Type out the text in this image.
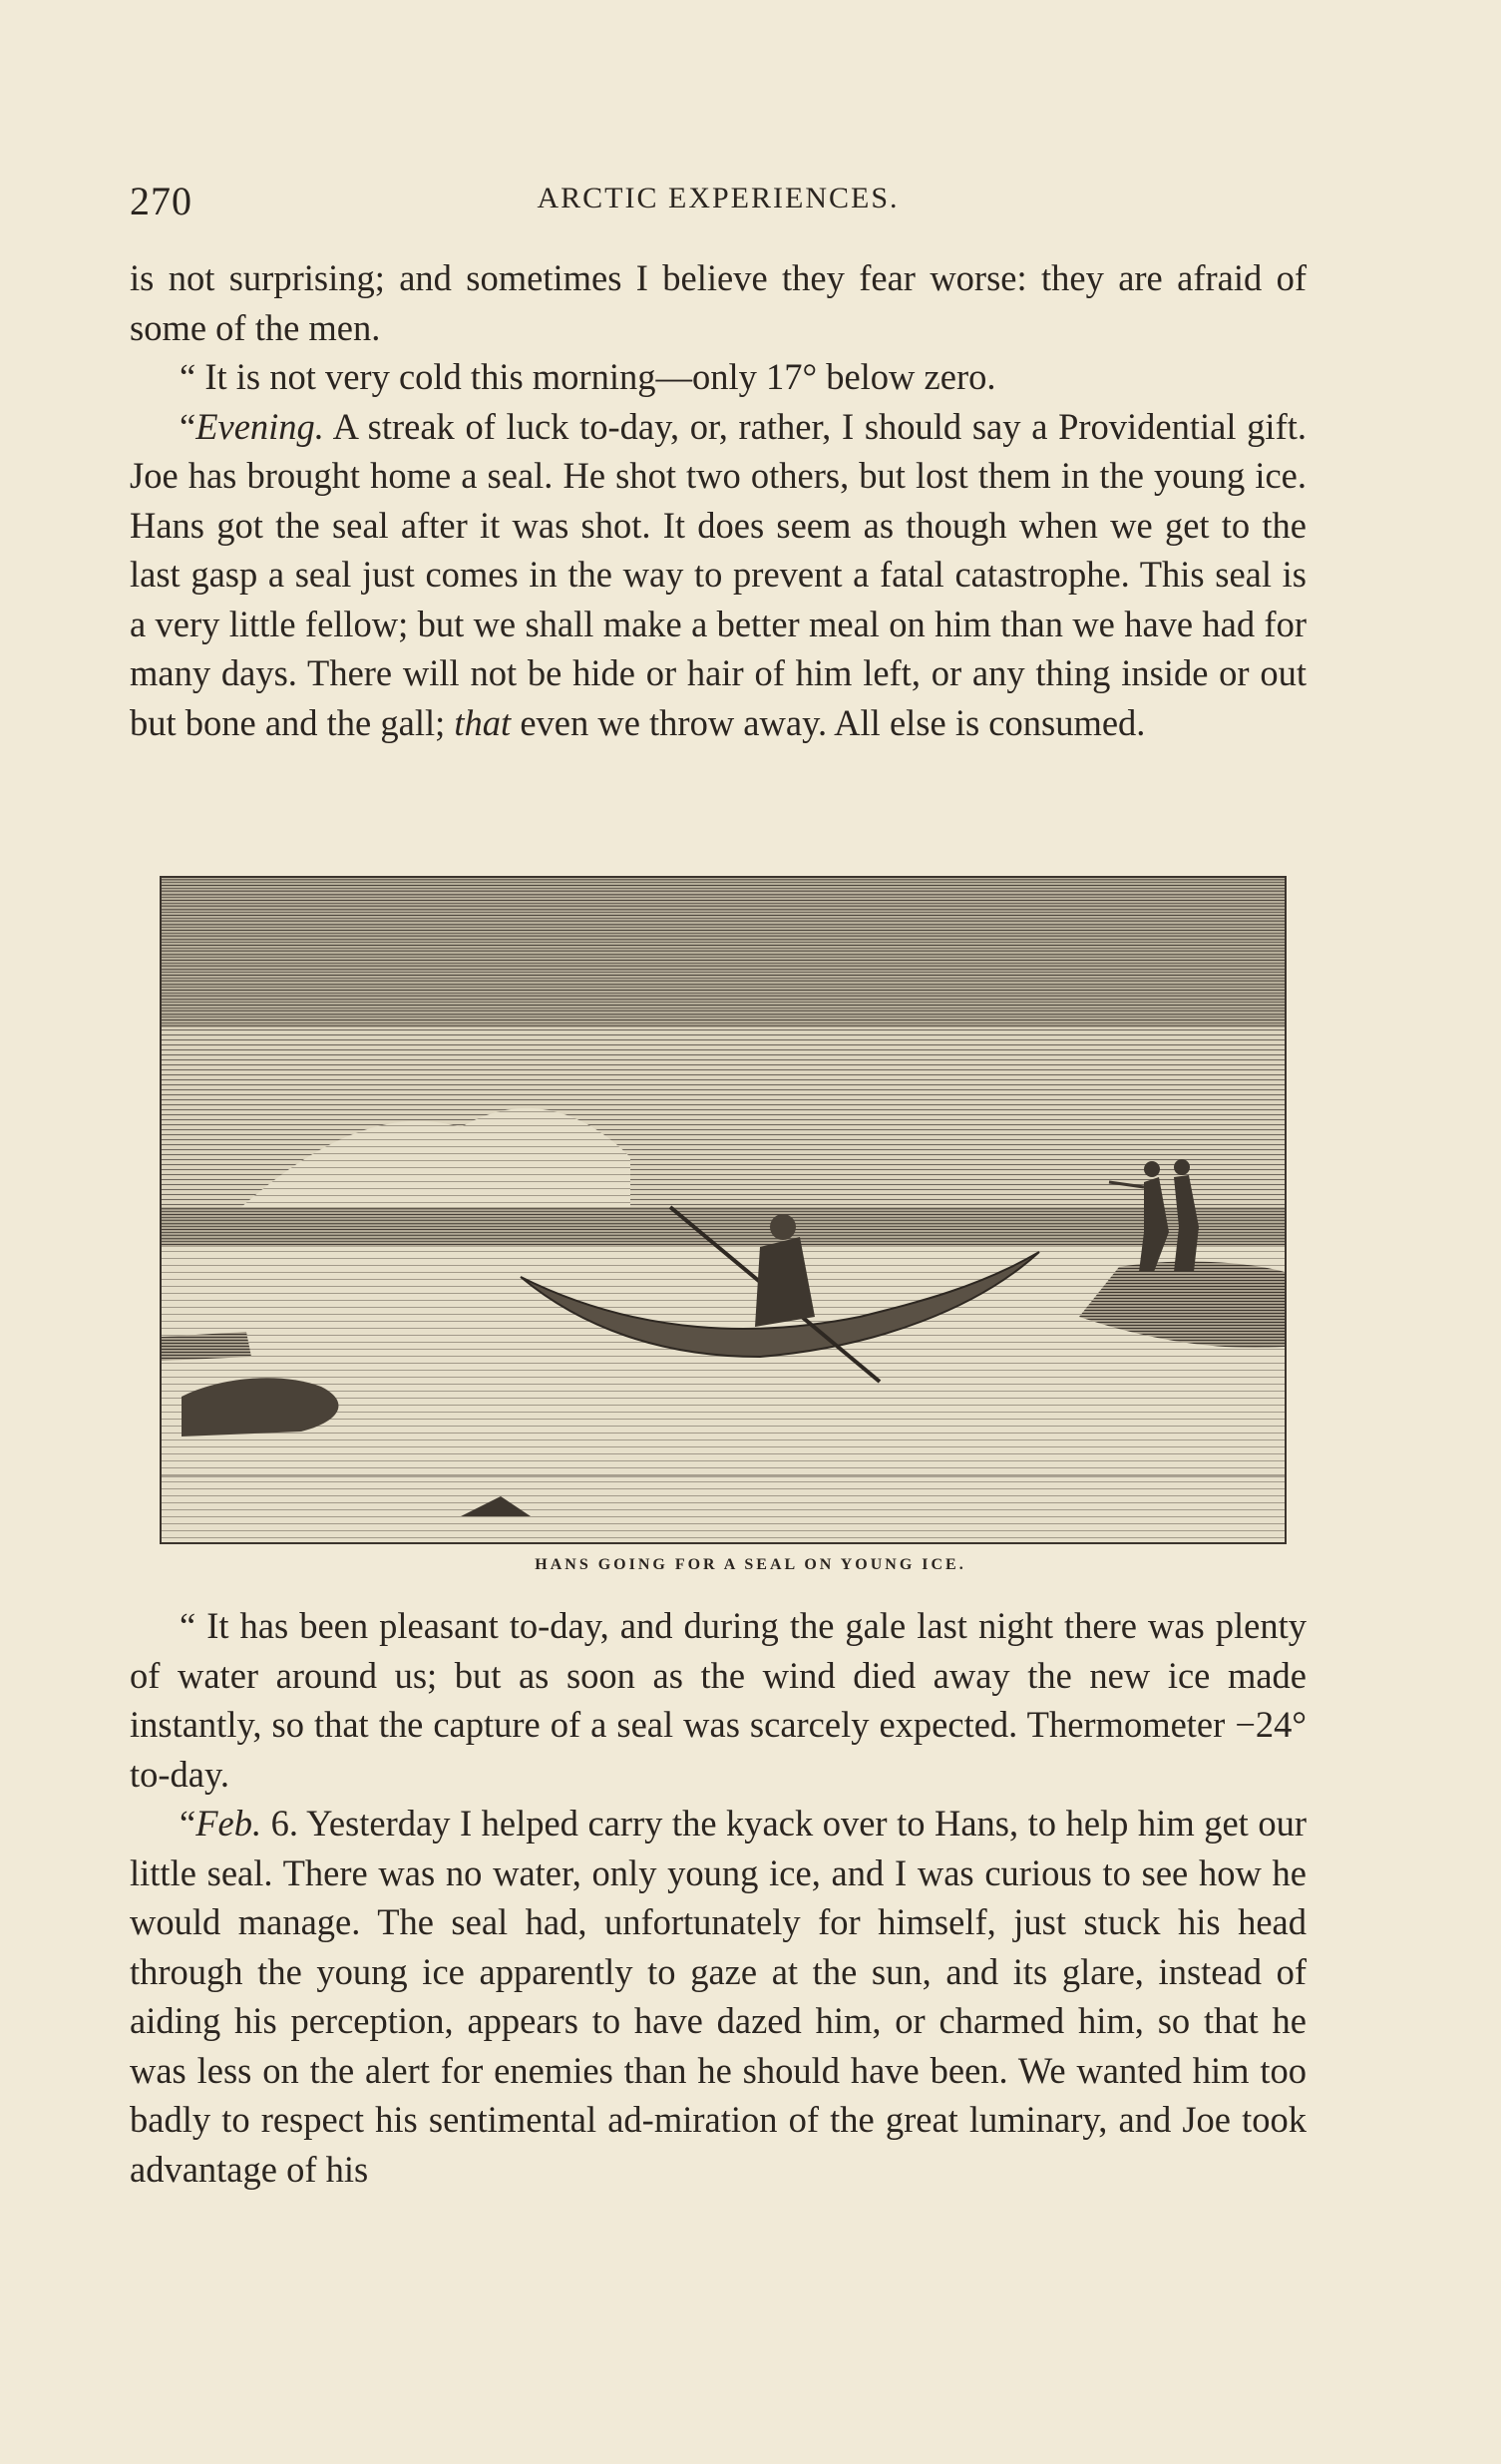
270	ARCTIC EXPERIENCES.

is not surprising; and sometimes I believe they fear worse: they are afraid of some of the men.

“ It is not very cold this morning—only 17° below zero.

“Evening. A streak of luck to-day, or, rather, I should say a Providential gift. Joe has brought home a seal. He shot two others, but lost them in the young ice. Hans got the seal after it was shot. It does seem as though when we get to the last gasp a seal just comes in the way to prevent a fatal catastrophe. This seal is a very little fellow; but we shall make a better meal on him than we have had for many days. There will not be hide or hair of him left, or any thing inside or out but bone and the gall; that even we throw away. All else is consumed.

HANS GOING FOR A SEAL ON YOUNG ICE.

“ It has been pleasant to-day, and during the gale last night there was plenty of water around us; but as soon as the wind died away the new ice made instantly, so that the capture of a seal was scarcely expected. Thermometer −24° to-day.

“Feb. 6. Yesterday I helped carry the kyack over to Hans, to help him get our little seal. There was no water, only young ice, and I was curious to see how he would manage. The seal had, unfortunately for himself, just stuck his head through the young ice apparently to gaze at the sun, and its glare, instead of aiding his perception, appears to have dazed him, or charmed him, so that he was less on the alert for enemies than he should have been. We wanted him too badly to respect his sentimental ad-miration of the great luminary, and Joe took advantage of his
